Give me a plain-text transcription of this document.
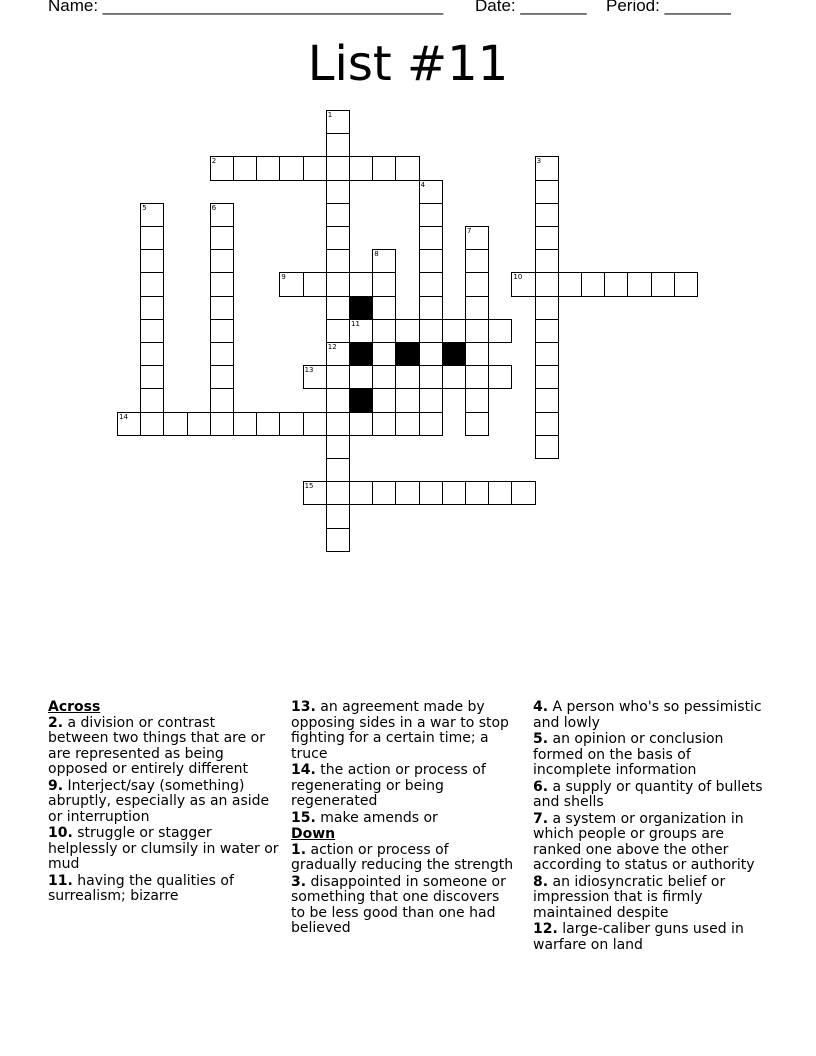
Name: ____________________________________ Date: _______ Period: _______
List #11
1
12
2	3
4
5	6
7
8
9	10
11
13
14
15
Across
2. a division or contrast between two things that are or are represented as being opposed or entirely different
9. Interject/say (something) abruptly, especially as an aside or interruption
10. struggle or stagger helplessly or clumsily in water or mud
11. having the qualities of surrealism; bizarre
13. an agreement made by opposing sides in a war to stop fighting for a certain time; a truce
14. the action or process of regenerating or being regenerated
15. make amends or
Down
1. action or process of gradually reducing the strength
3. disappointed in someone or something that one discovers to be less good than one had believed
4. A person who's so pessimistic and lowly
5. an opinion or conclusion formed on the basis of incomplete information
6. a supply or quantity of bullets and shells
7. a system or organization in which people or groups are ranked one above the other according to status or authority
8. an idiosyncratic belief or impression that is firmly maintained despite
12. large-caliber guns used in warfare on land
